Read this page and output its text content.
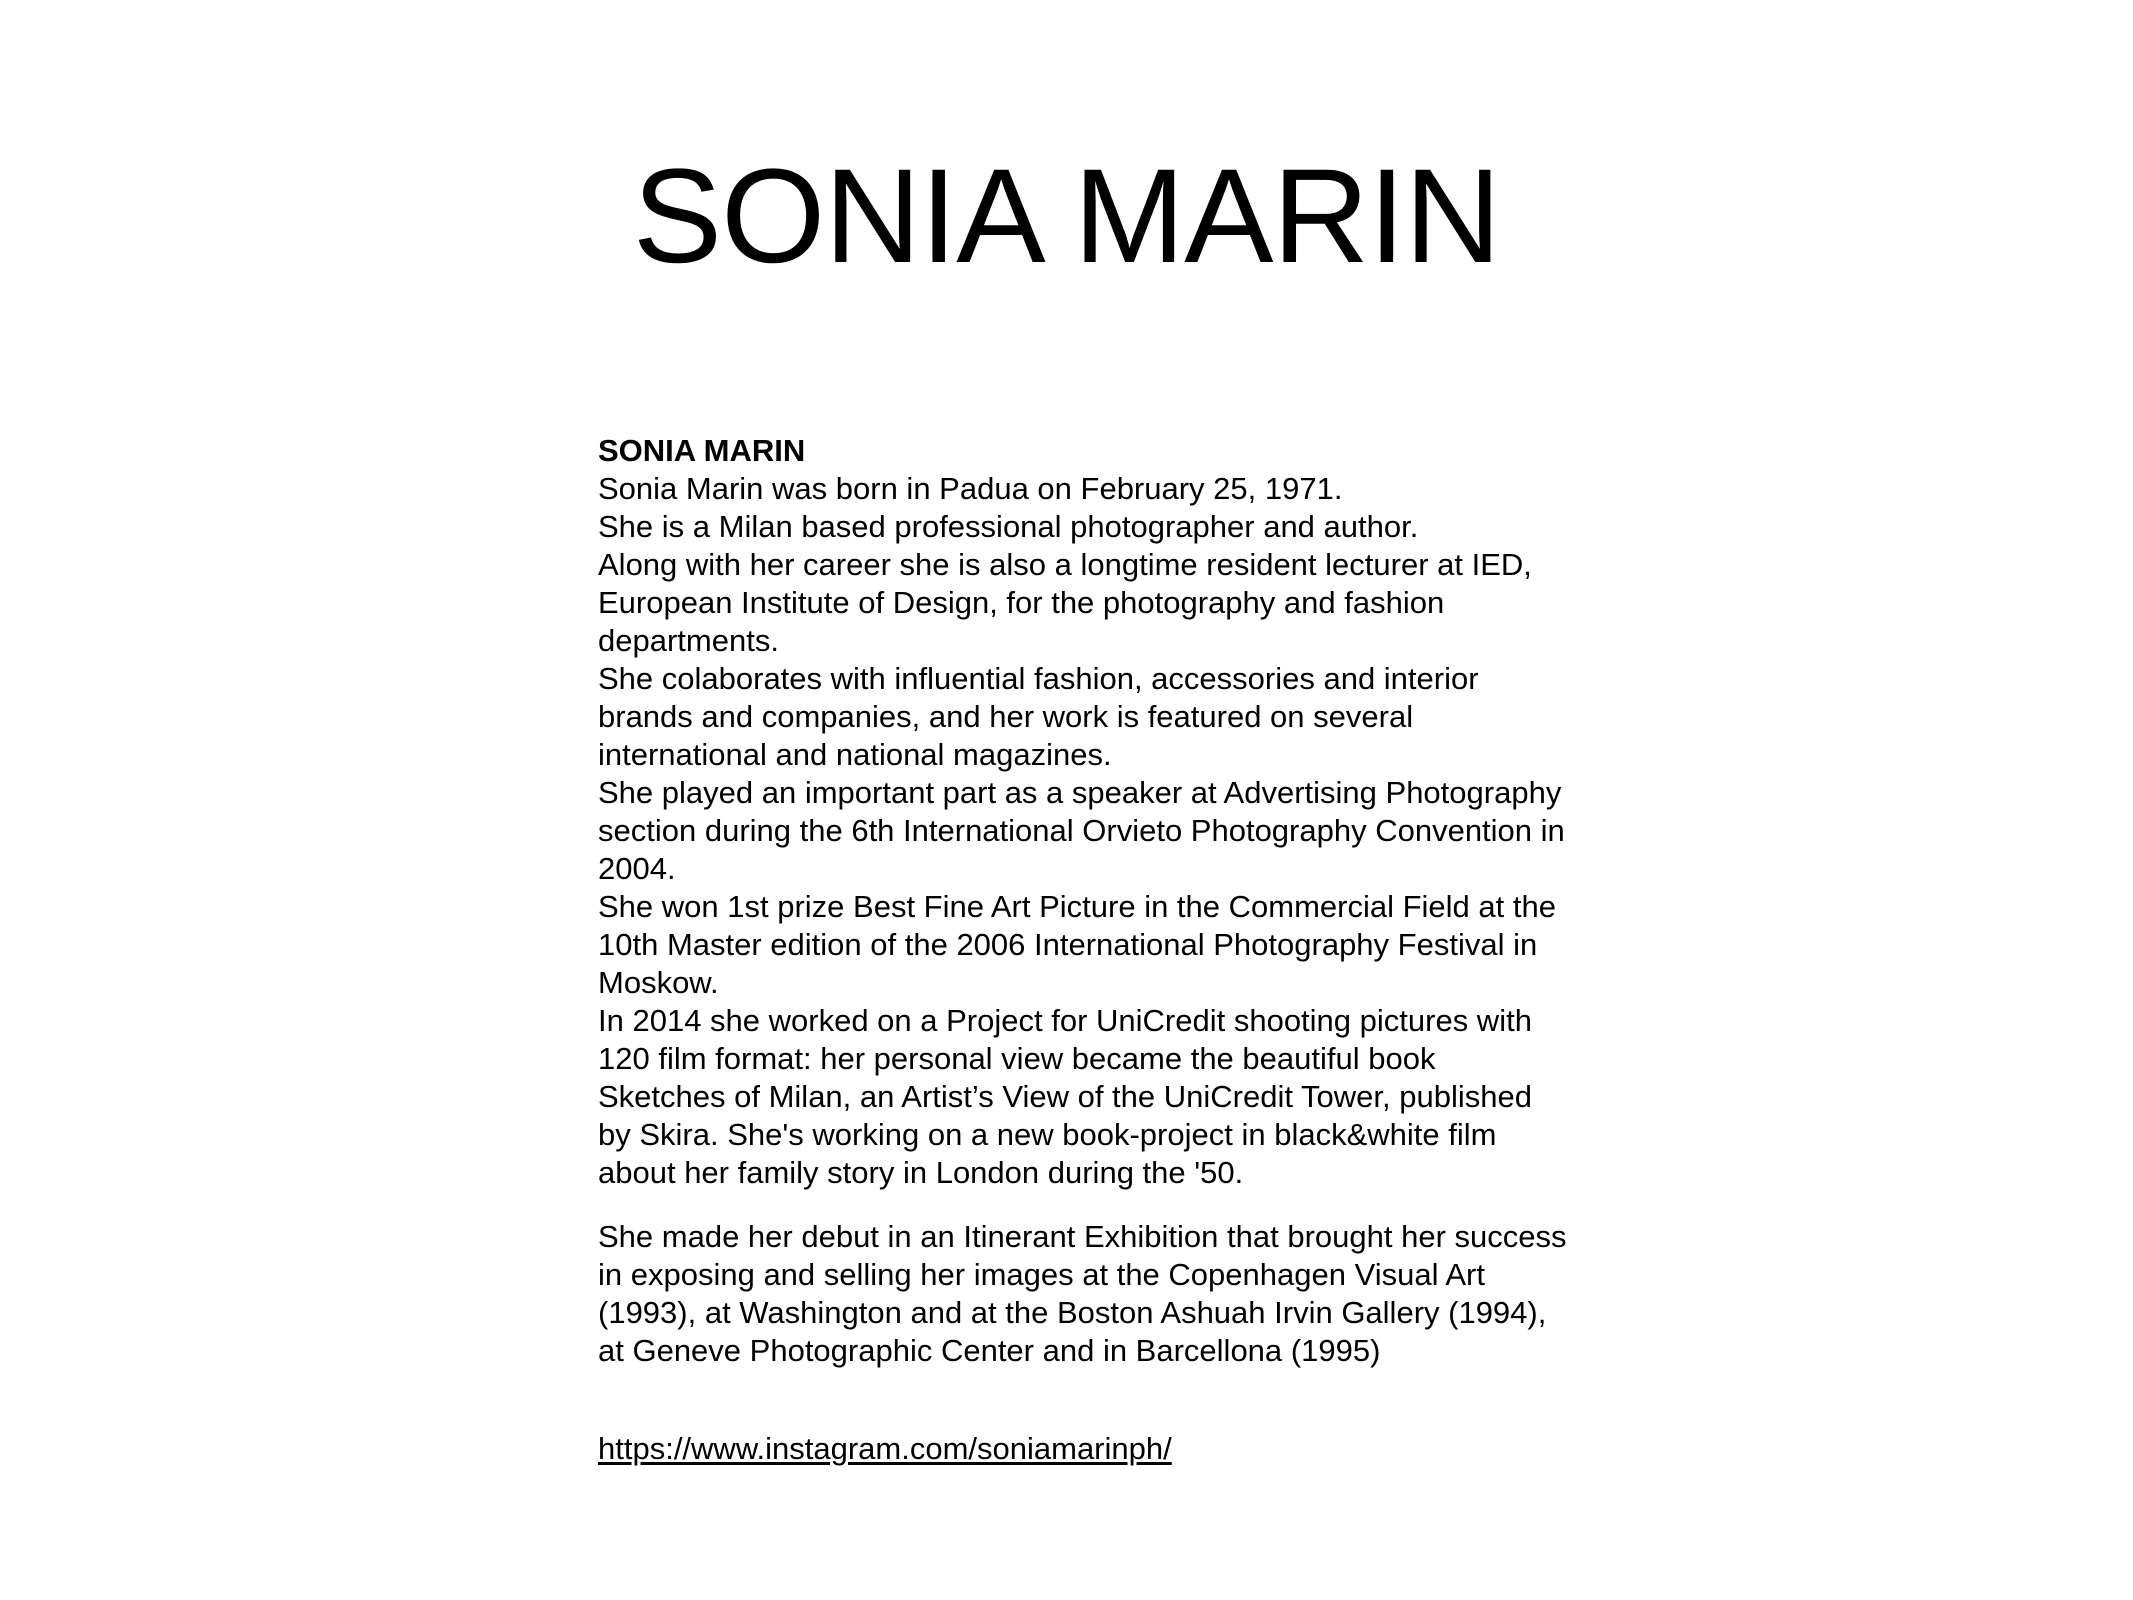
SONIA MARIN
SONIA MARIN
Sonia Marin was born in Padua on February 25, 1971.
She is a Milan based professional photographer and author.
Along with her career she is also a longtime resident lecturer at IED,
European Institute of Design, for the photography and fashion
departments.
She colaborates with influential fashion, accessories and interior
brands and companies, and her work is featured on several
international and national magazines.
She played an important part as a speaker at Advertising Photography
section during the 6th International Orvieto Photography Convention in
2004.
She won 1st prize Best Fine Art Picture in the Commercial Field at the
10th Master edition of the 2006 International Photography Festival in
Moskow.
In 2014 she worked on a Project for UniCredit shooting pictures with
120 film format: her personal view became the beautiful book
Sketches of Milan, an Artist’s View of the UniCredit Tower, published
by Skira. She's working on a new book-project in black&white film
about her family story in London during the '50.
She made her debut in an Itinerant Exhibition that brought her success
in exposing and selling her images at the Copenhagen Visual Art
(1993), at Washington and at the Boston Ashuah Irvin Gallery (1994),
at Geneve Photographic Center and in Barcellona (1995)
https://www.instagram.com/soniamarinph/
